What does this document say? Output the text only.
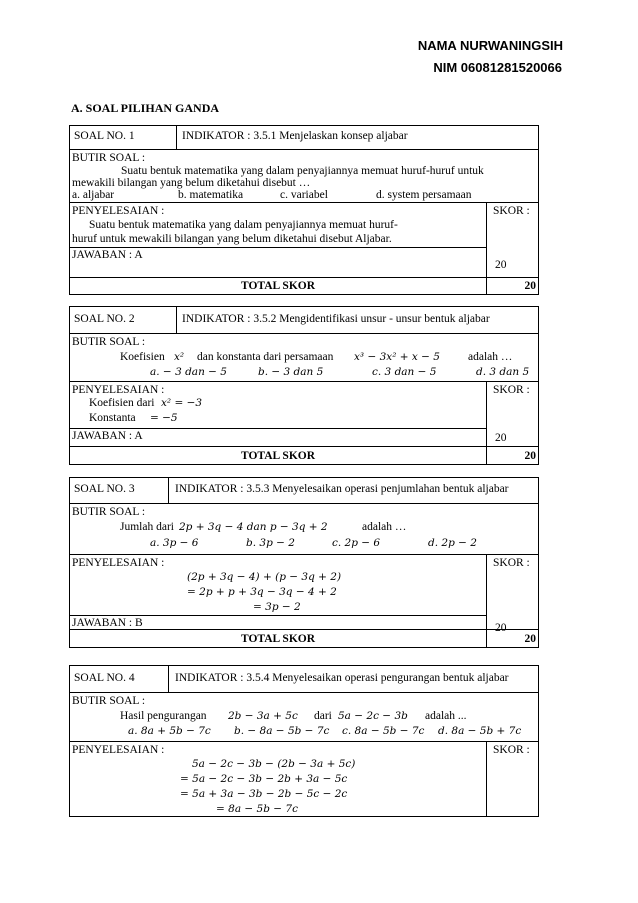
NAMA NURWANINGSIH
NIM 06081281520066
A. SOAL PILIHAN GANDA
SOAL NO. 1	INDIKATOR : 3.5.1 Menjelaskan konsep aljabar
BUTIR SOAL :
Suatu bentuk matematika yang dalam penyajiannya memuat huruf-huruf untuk
mewakili bilangan yang belum diketahui disebut …
a. aljabar	b. matematika	c. variabel	d. system persamaan
PENYELESAIAN :
Suatu bentuk matematika yang dalam penyajiannya memuat huruf-
huruf untuk mewakili bilangan yang belum diketahui disebut Aljabar.
JAWABAN : A
SKOR :
20
TOTAL SKOR	20
SOAL NO. 2	INDIKATOR : 3.5.2 Mengidentifikasi unsur - unsur bentuk aljabar
BUTIR SOAL :
Koefisien x² dan konstanta dari persamaan x³ − 3x² + x − 5 adalah …
a. − 3 dan − 5	b. − 3 dan 5	c. 3 dan − 5	d. 3 dan 5
PENYELESAIAN :
Koefisien dari x² = −3
Konstanta = −5
JAWABAN : A
SKOR :
20
TOTAL SKOR	20
SOAL NO. 3	INDIKATOR : 3.5.3 Menyelesaikan operasi penjumlahan bentuk aljabar
BUTIR SOAL :
Jumlah dari 2p + 3q − 4 dan p − 3q + 2	adalah …
a. 3p − 6	b. 3p − 2	c. 2p − 6	d. 2p − 2
PENYELESAIAN :
(2p + 3q − 4) + (p − 3q + 2)
= 2p + p + 3q − 3q − 4 + 2
= 3p − 2
JAWABAN : B
SKOR :
20
TOTAL SKOR	20
SOAL NO. 4	INDIKATOR : 3.5.4 Menyelesaikan operasi pengurangan bentuk aljabar
BUTIR SOAL :
Hasil pengurangan 2b − 3a + 5c dari 5a − 2c − 3b adalah ...
a. 8a + 5b − 7c b. − 8a − 5b − 7c c. 8a − 5b − 7c d. 8a − 5b + 7c
PENYELESAIAN :
5a − 2c − 3b − (2b − 3a + 5c)
= 5a − 2c − 3b − 2b + 3a − 5c
= 5a + 3a − 3b − 2b − 5c − 2c
= 8a − 5b − 7c
SKOR :
